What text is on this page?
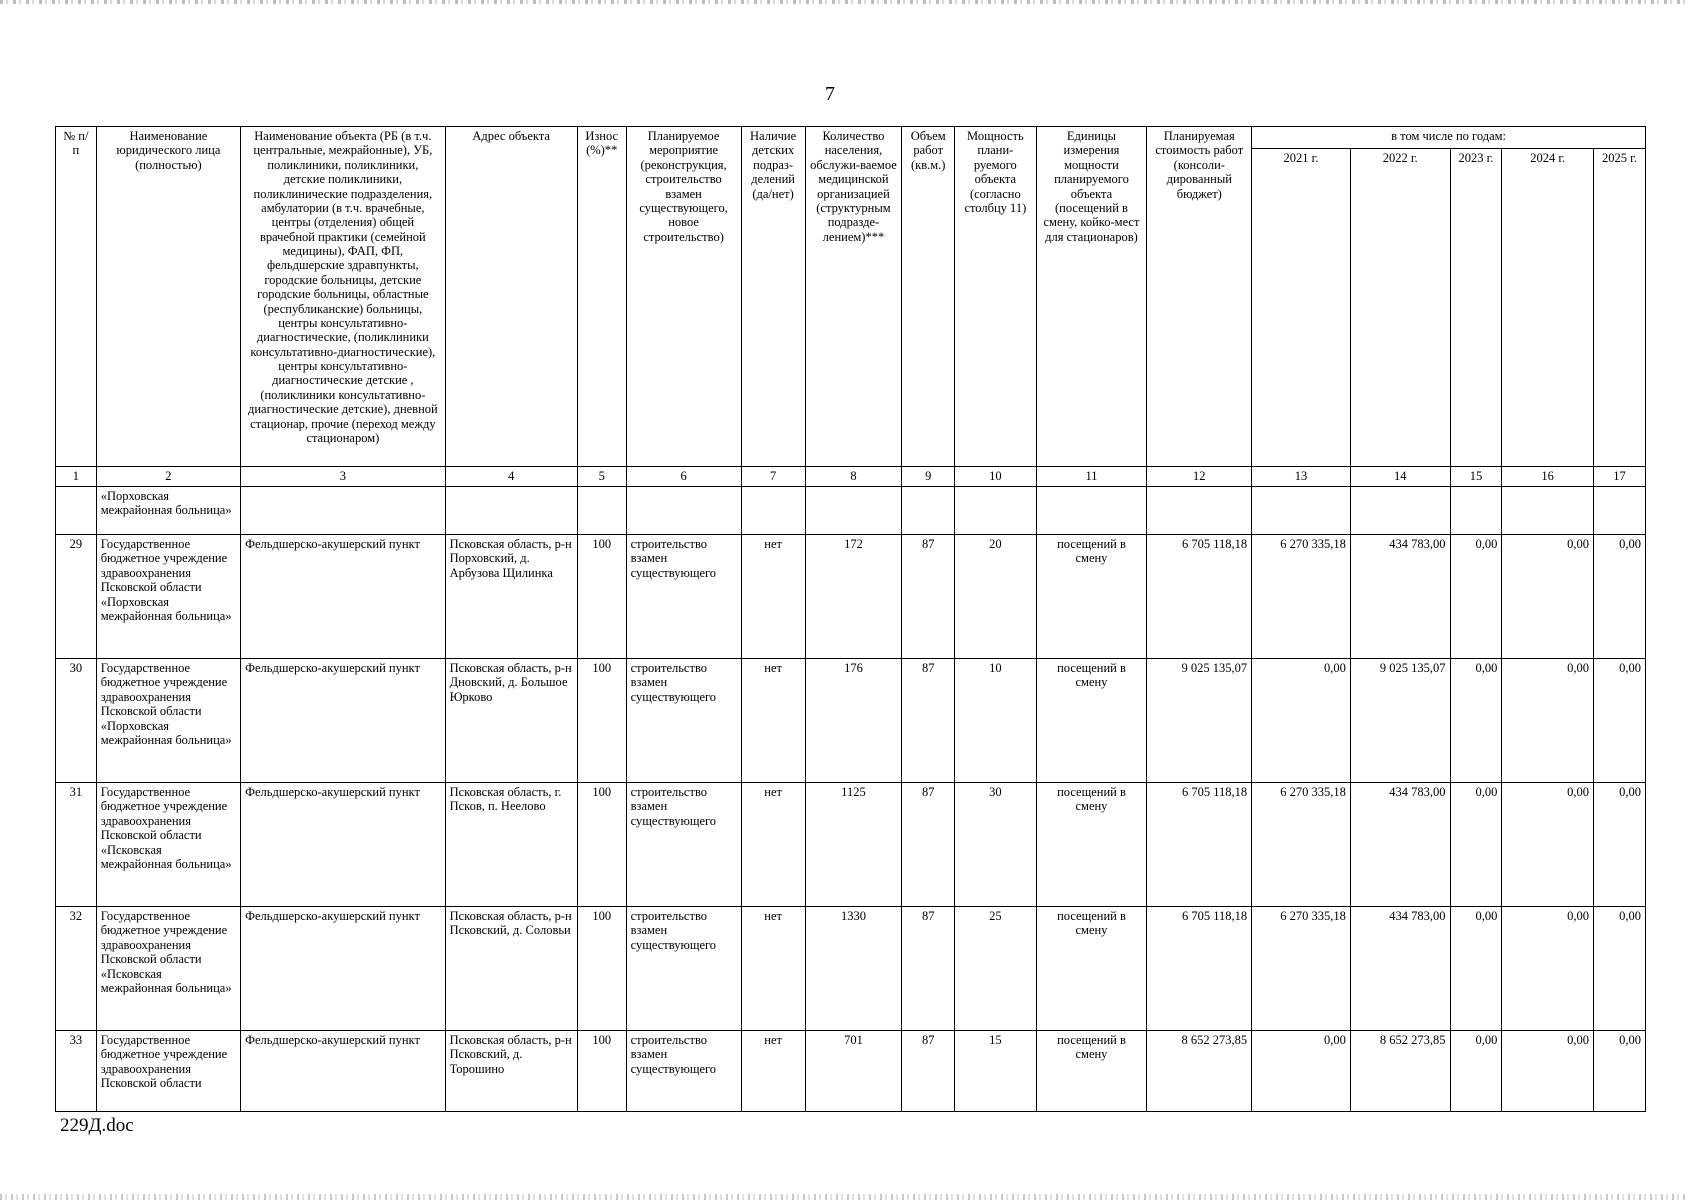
7
№ п/п	Наименование юридического лица (полностью)	Наименование объекта (РБ (в т.ч. центральные, межрайонные), УБ, поликлиники, поликлиники, детские поликлиники, поликлинические подразделения, амбулатории (в т.ч. врачебные, центры (отделения) общей врачебной практики (семейной медицины), ФАП, ФП, фельдшерские здравпункты, городские больницы, детские городские больницы, областные (республиканские) больницы, центры консультативно-диагностические, (поликлиники консультативно-диагностические), центры консультативно-диагностические детские , (поликлиники консультативно-диагностические детские), дневной стационар, прочие (переход между стационаром)	Адрес объекта	Износ (%)**	Планируемое мероприятие (реконструкция, строительство взамен существующего, новое строительство)	Наличие детских подраз-делений (да/нет)	Количество населения, обслужи-ваемое медицинской организацией (структурным подразде-лением)***	Объем работ (кв.м.)	Мощность плани-руемого объекта (согласно столбцу 11)	Единицы измерения мощности планируемого объекта (посещений в смену, койко-мест для стационаров)	Планируемая стоимость работ (консоли-дированный бюджет)	в том числе по годам:				
												2021 г.	2022 г.	2023 г.	2024 г.	2025 г.
1	2	3	4	5	6	7	8	9	10	11	12	13	14	15	16	17
	«Порховская межрайонная больница»															
29	Государственное бюджетное учреждение здравоохранения Псковской области «Порховская межрайонная больница»	Фельдшерско-акушерский пункт	Псковская область, р-н Порховский, д. Арбузова Щилинка	100	строительство взамен существующего	нет	172	87	20	посещений в смену	6 705 118,18	6 270 335,18	434 783,00	0,00	0,00	0,00
30	Государственное бюджетное учреждение здравоохранения Псковской области «Порховская межрайонная больница»	Фельдшерско-акушерский пункт	Псковская область, р-н Дновский, д. Большое Юрково	100	строительство взамен существующего	нет	176	87	10	посещений в смену	9 025 135,07	0,00	9 025 135,07	0,00	0,00	0,00
31	Государственное бюджетное учреждение здравоохранения Псковской области «Псковская межрайонная больница»	Фельдшерско-акушерский пункт	Псковская область, г. Псков, п. Неелово	100	строительство взамен существующего	нет	1125	87	30	посещений в смену	6 705 118,18	6 270 335,18	434 783,00	0,00	0,00	0,00
32	Государственное бюджетное учреждение здравоохранения Псковской области «Псковская межрайонная больница»	Фельдшерско-акушерский пункт	Псковская область, р-н Псковский, д. Соловьи	100	строительство взамен существующего	нет	1330	87	25	посещений в смену	6 705 118,18	6 270 335,18	434 783,00	0,00	0,00	0,00
33	Государственное бюджетное учреждение здравоохранения Псковской области	Фельдшерско-акушерский пункт	Псковская область, р-н Псковский, д. Торошино	100	строительство взамен существующего	нет	701	87	15	посещений в смену	8 652 273,85	0,00	8 652 273,85	0,00	0,00	0,00
229Д.doc
